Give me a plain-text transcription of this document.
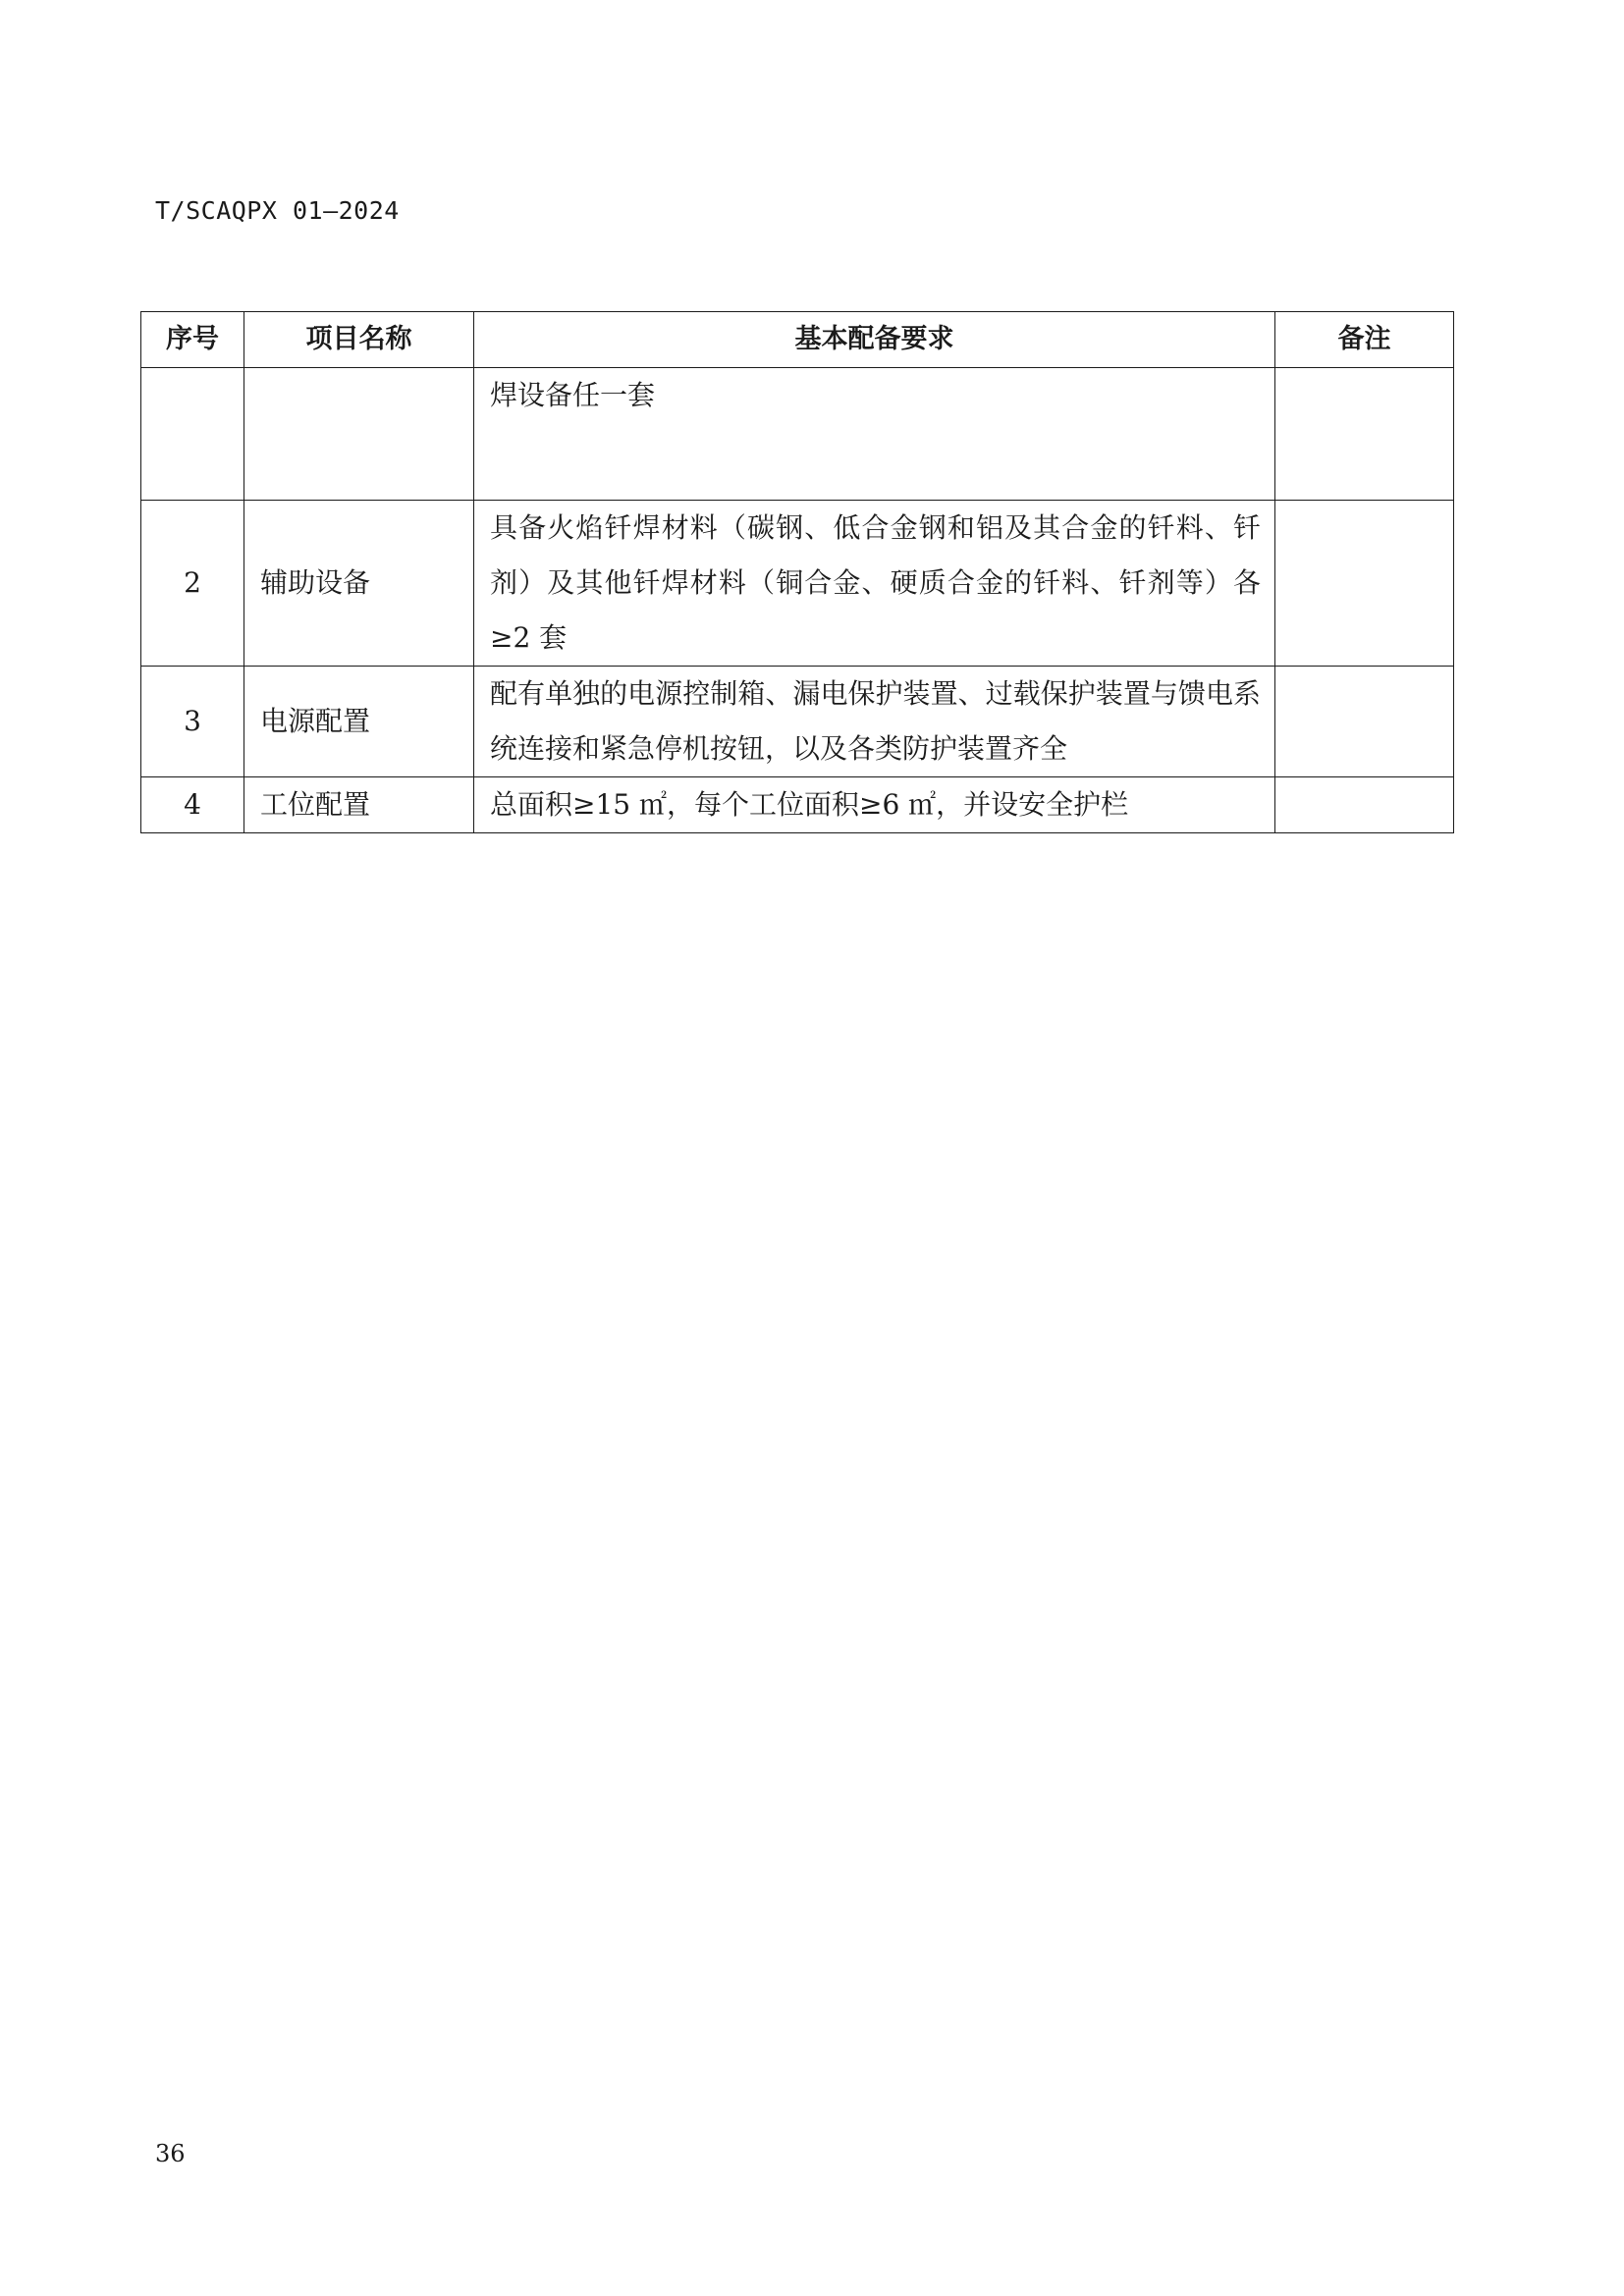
T/SCAQPX 01—2024
序号	项目名称	基本配备要求	备注
		焊设备任一套	
2	辅助设备	具备火焰钎焊材料（碳钢、低合金钢和铝及其合金的钎料、钎剂）及其他钎焊材料（铜合金、硬质合金的钎料、钎剂等）各≥2 套	
3	电源配置	配有单独的电源控制箱、漏电保护装置、过载保护装置与馈电系统连接和紧急停机按钮，以及各类防护装置齐全	
4	工位配置	总面积≥15 ㎡，每个工位面积≥6 ㎡，并设安全护栏	
36
